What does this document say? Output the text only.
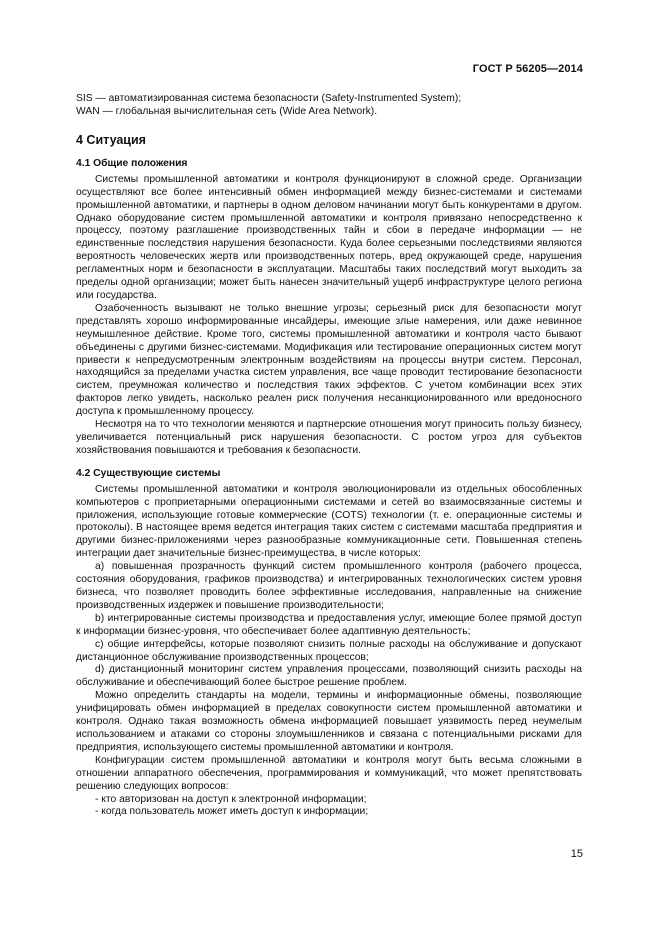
ГОСТ Р 56205—2014

SIS — автоматизированная система безопасности (Safety-Instrumented System);

WAN — глобальная вычислительная сеть (Wide Area Network).

4 Ситуация
4.1 Общие положения

Системы промышленной автоматики и контроля функционируют в сложной среде. Организации осуществляют все более интенсивный обмен информацией между бизнес-системами и системами промышленной автоматики, и партнеры в одном деловом начинании могут быть конкурентами в другом. Однако оборудование систем промышленной автоматики и контроля привязано непосредственно к процессу, поэтому разглашение производственных тайн и сбои в передаче информации — не единственные последствия нарушения безопасности. Куда более серьезными последствиями являются вероятность человеческих жертв или производственных потерь, вред окружающей среде, нарушения регламентных норм и безопасности в эксплуатации. Масштабы таких последствий могут выходить за пределы одной организации; может быть нанесен значительный ущерб инфраструктуре целого региона или государства.

Озабоченность вызывают не только внешние угрозы; серьезный риск для безопасности могут представлять хорошо информированные инсайдеры, имеющие злые намерения, или даже невинное неумышленное действие. Кроме того, системы промышленной автоматики и контроля часто бывают объединены с другими бизнес-системами. Модификация или тестирование операционных систем могут привести к непредусмотренным электронным воздействиям на процессы внутри систем. Персонал, находящийся за пределами участка систем управления, все чаще проводит тестирование безопасности систем, преумножая количество и последствия таких эффектов. С учетом комбинации всех этих факторов легко увидеть, насколько реален риск получения несанкционированного или вредоносного доступа к промышленному процессу.

Несмотря на то что технологии меняются и партнерские отношения могут приносить пользу бизнесу, увеличивается потенциальный риск нарушения безопасности. С ростом угроз для субъектов хозяйствования повышаются и требования к безопасности.

4.2 Существующие системы

Системы промышленной автоматики и контроля эволюционировали из отдельных обособленных компьютеров с проприетарными операционными системами и сетей во взаимосвязанные системы и приложения, использующие готовые коммерческие (COTS) технологии (т. е. операционные системы и протоколы). В настоящее время ведется интеграция таких систем с системами масштаба предприятия и другими бизнес-приложениями через разнообразные коммуникационные сети. Повышенная степень интеграции дает значительные бизнес-преимущества, в числе которых:

а) повышенная прозрачность функций систем промышленного контроля (рабочего процесса, состояния оборудования, графиков производства) и интегрированных технологических систем уровня бизнеса, что позволяет проводить более эффективные исследования, направленные на снижение производственных издержек и повышение производительности;

b) интегрированные системы производства и предоставления услуг, имеющие более прямой доступ к информации бизнес-уровня, что обеспечивает более адаптивную деятельность;

c) общие интерфейсы, которые позволяют снизить полные расходы на обслуживание и допускают дистанционное обслуживание производственных процессов;

d) дистанционный мониторинг систем управления процессами, позволяющий снизить расходы на обслуживание и обеспечивающий более быстрое решение проблем.

Можно определить стандарты на модели, термины и информационные обмены, позволяющие унифицировать обмен информацией в пределах совокупности систем промышленной автоматики и контроля. Однако такая возможность обмена информацией повышает уязвимость перед неумелым использованием и атаками со стороны злоумышленников и связана с потенциальными рисками для предприятия, использующего системы промышленной автоматики и контроля.

Конфигурации систем промышленной автоматики и контроля могут быть весьма сложными в отношении аппаратного обеспечения, программирования и коммуникаций, что может препятствовать решению следующих вопросов:

- кто авторизован на доступ к электронной информации;

- когда пользователь может иметь доступ к информации;

15
